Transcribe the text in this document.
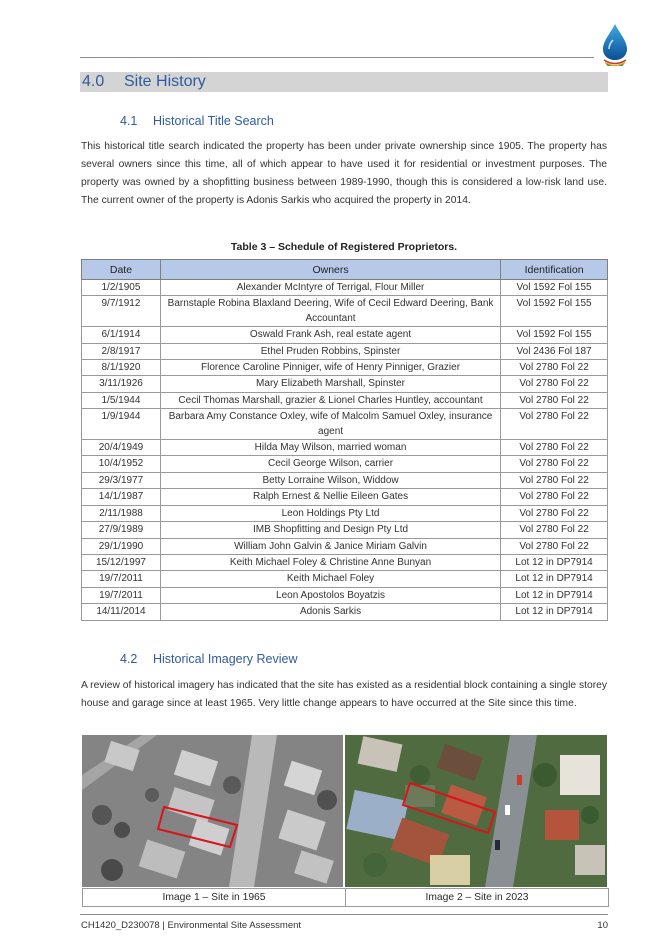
4.0 Site History
4.1 Historical Title Search
This historical title search indicated the property has been under private ownership since 1905. The property has several owners since this time, all of which appear to have used it for residential or investment purposes. The property was owned by a shopfitting business between 1989-1990, though this is considered a low-risk land use. The current owner of the property is Adonis Sarkis who acquired the property in 2014.
Table 3 – Schedule of Registered Proprietors.
Date	Owners	Identification
1/2/1905	Alexander McIntyre of Terrigal, Flour Miller	Vol 1592 Fol 155
9/7/1912	Barnstaple Robina Blaxland Deering, Wife of Cecil Edward Deering, Bank Accountant	Vol 1592 Fol 155
6/1/1914	Oswald Frank Ash, real estate agent	Vol 1592 Fol 155
2/8/1917	Ethel Pruden Robbins, Spinster	Vol 2436 Fol 187
8/1/1920	Florence Caroline Pinniger, wife of Henry Pinniger, Grazier	Vol 2780 Fol 22
3/11/1926	Mary Elizabeth Marshall, Spinster	Vol 2780 Fol 22
1/5/1944	Cecil Thomas Marshall, grazier & Lionel Charles Huntley, accountant	Vol 2780 Fol 22
1/9/1944	Barbara Amy Constance Oxley, wife of Malcolm Samuel Oxley, insurance agent	Vol 2780 Fol 22
20/4/1949	Hilda May Wilson, married woman	Vol 2780 Fol 22
10/4/1952	Cecil George Wilson, carrier	Vol 2780 Fol 22
29/3/1977	Betty Lorraine Wilson, Widdow	Vol 2780 Fol 22
14/1/1987	Ralph Ernest & Nellie Eileen Gates	Vol 2780 Fol 22
2/11/1988	Leon Holdings Pty Ltd	Vol 2780 Fol 22
27/9/1989	IMB Shopfitting and Design Pty Ltd	Vol 2780 Fol 22
29/1/1990	William John Galvin & Janice Miriam Galvin	Vol 2780 Fol 22
15/12/1997	Keith Michael Foley & Christine Anne Bunyan	Lot 12 in DP7914
19/7/2011	Keith Michael Foley	Lot 12 in DP7914
19/7/2011	Leon Apostolos Boyatzis	Lot 12 in DP7914
14/11/2014	Adonis Sarkis	Lot 12 in DP7914
4.2 Historical Imagery Review
A review of historical imagery has indicated that the site has existed as a residential block containing a single storey house and garage since at least 1965. Very little change appears to have occurred at the Site since this time.
Image 1 – Site in 1965	Image 2 – Site in 2023
CH1420_D230078 | Environmental Site Assessment	10
